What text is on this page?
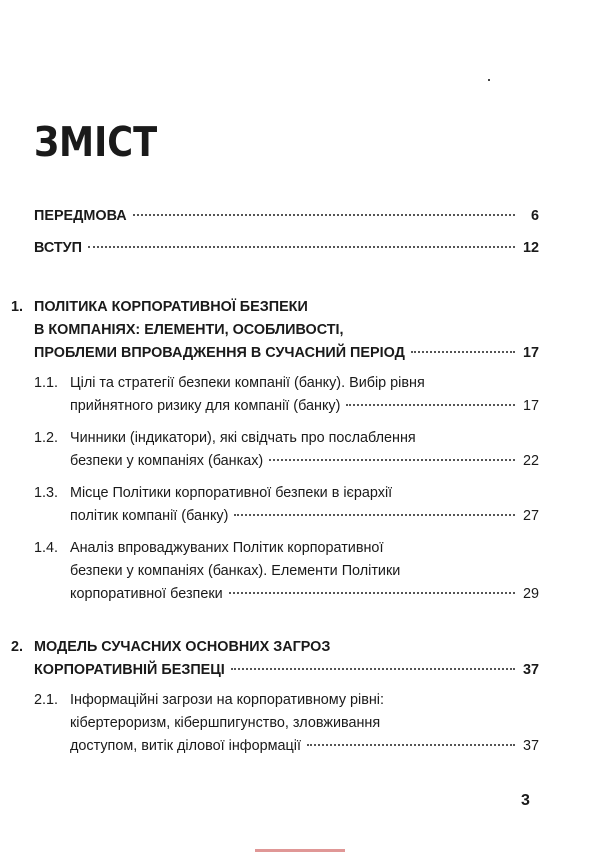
ЗМІСТ
ПЕРЕДМОВА	6
ВСТУП	12
1. ПОЛІТИКА КОРПОРАТИВНОЇ БЕЗПЕКИ
В КОМПАНІЯХ: ЕЛЕМЕНТИ, ОСОБЛИВОСТІ,
ПРОБЛЕМИ ВПРОВАДЖЕННЯ В СУЧАСНИЙ ПЕРІОД	17
1.1. Цілі та стратегії безпеки компанії (банку). Вибір рівня
прийнятного ризику для компанії (банку)	17
1.2. Чинники (індикатори), які свідчать про послаблення
безпеки у компаніях (банках)	22
1.3. Місце Політики корпоративної безпеки в ієрархії
політик компанії (банку)	27
1.4. Аналіз впроваджуваних Політик корпоративної
безпеки у компаніях (банках). Елементи Політики
корпоративної безпеки	29
2. МОДЕЛЬ СУЧАСНИХ ОСНОВНИХ ЗАГРОЗ
КОРПОРАТИВНІЙ БЕЗПЕЦІ	37
2.1. Інформаційні загрози на корпоративному рівні:
кібертероризм, кібершпигунство, зловживання
доступом, витік ділової інформації	37
3
